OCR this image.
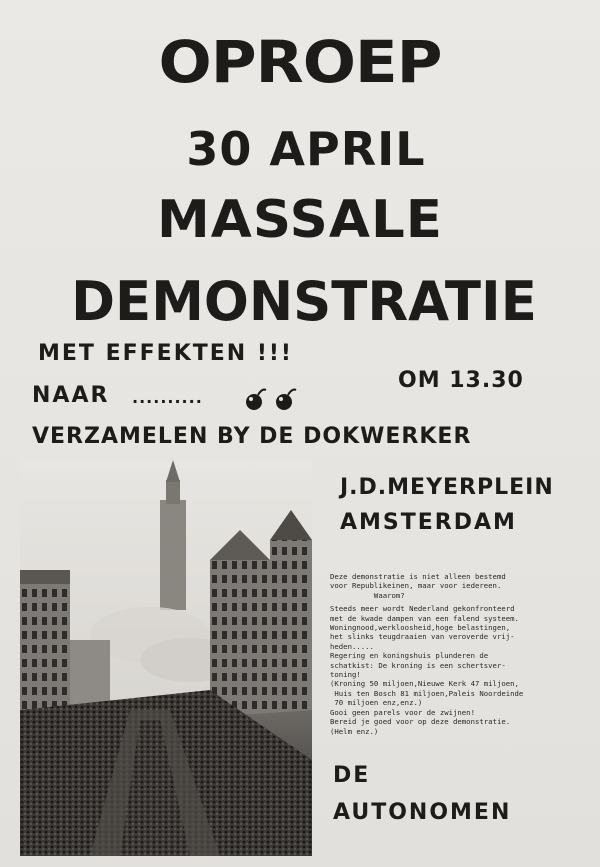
OPROEP
30 APRIL
MASSALE
DEMONSTRATIE
MET EFFEKTEN !!!
NAAR ..........
OM 13.30
VERZAMELEN BY DE DOKWERKER
J.D.MEYERPLEIN
AMSTERDAM
Deze demonstratie is niet alleen bestemd
voor Republikeinen, maar voor iedereen.
Waarom?
Steeds meer wordt Nederland gekonfronteerd
met de kwade dampen van een falend systeem.
Woningnood,werkloosheid,hoge belastingen,
het slinks teugdraaien van veroverde vrij-
heden.....
Regering en koningshuis plunderen de
schatkist: De kroning is een schertsver-
toning!
(Kroning 50 miljoen,Nieuwe Kerk 47 miljoen,
Huis ten Bosch 81 miljoen,Paleis Noordeinde
70 miljoen enz,enz.)
Gooi geen parels voor de zwijnen!
Bereid je goed voor op deze demonstratie.
(Helm enz.)
DE
AUTONOMEN
